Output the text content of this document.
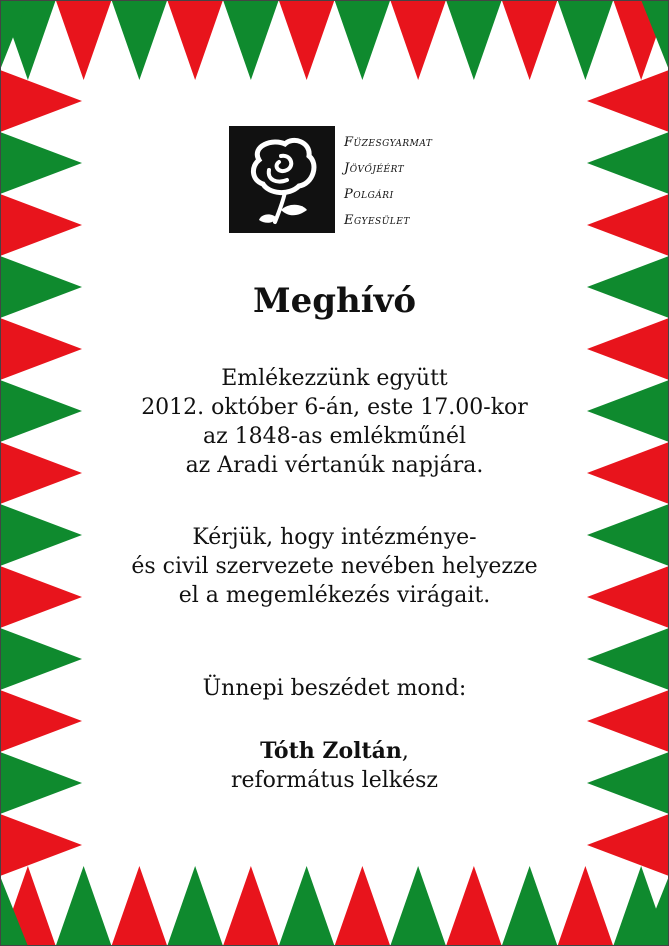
FÜZESGYARMAT
JÖVŐJÉÉRT
POLGÁRI
EGYESÜLET
Meghívó
Emlékezzünk együtt
2012. október 6-án, este 17.00-kor
az 1848-as emlékműnél
az Aradi vértanúk napjára.
Kérjük, hogy intézménye-
és civil szervezete nevében helyezze
el a megemlékezés virágait.
Ünnepi beszédet mond:
Tóth Zoltán,
református lelkész
